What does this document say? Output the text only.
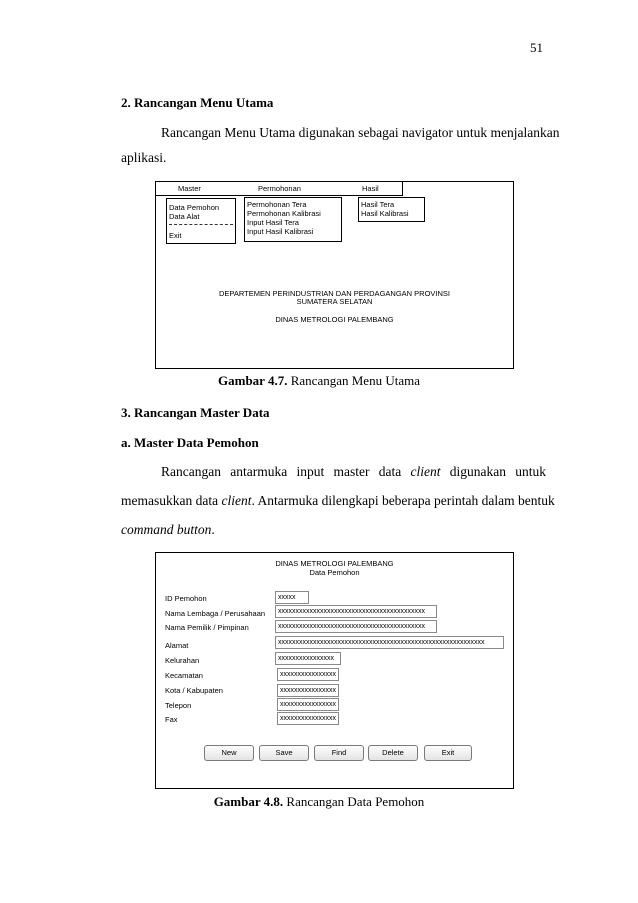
51
2. Rancangan Menu Utama
Rancangan Menu Utama digunakan sebagai navigator untuk menjalankan
aplikasi.
Master	Permohonan	Hasil
Data Pemohon
Data Alat
Exit
Permohonan Tera
Permohonan Kalibrasi
Input Hasil Tera
Input Hasil Kalibrasi
Hasil Tera
Hasil Kalibrasi
DEPARTEMEN PERINDUSTRIAN DAN PERDAGANGAN PROVINSI
SUMATERA SELATAN
DINAS METROLOGI PALEMBANG
Gambar 4.7. Rancangan Menu Utama
3. Rancangan Master Data
a. Master Data Pemohon
Rancangan antarmuka input master data client digunakan untuk
memasukkan data client. Antarmuka dilengkapi beberapa perintah dalam bentuk
command button.
DINAS METROLOGI PALEMBANG
Data Pemohon
ID Pemohon	xxxxx
Nama Lembaga / Perusahaan	xxxxxxxxxxxxxxxxxxxxxxxxxxxxxxxxxxxxxxxxxx
Nama Pemilik / Pimpinan	xxxxxxxxxxxxxxxxxxxxxxxxxxxxxxxxxxxxxxxxxx
Alamat	xxxxxxxxxxxxxxxxxxxxxxxxxxxxxxxxxxxxxxxxxxxxxxxxxxxxxxxxxxx
Kelurahan	xxxxxxxxxxxxxxxx
Kecamatan	xxxxxxxxxxxxxxxx
Kota / Kabupaten	xxxxxxxxxxxxxxxx
Telepon	xxxxxxxxxxxxxxxx
Fax	xxxxxxxxxxxxxxxx
New	Save	Find	Delete	Exit
Gambar 4.8. Rancangan Data Pemohon
